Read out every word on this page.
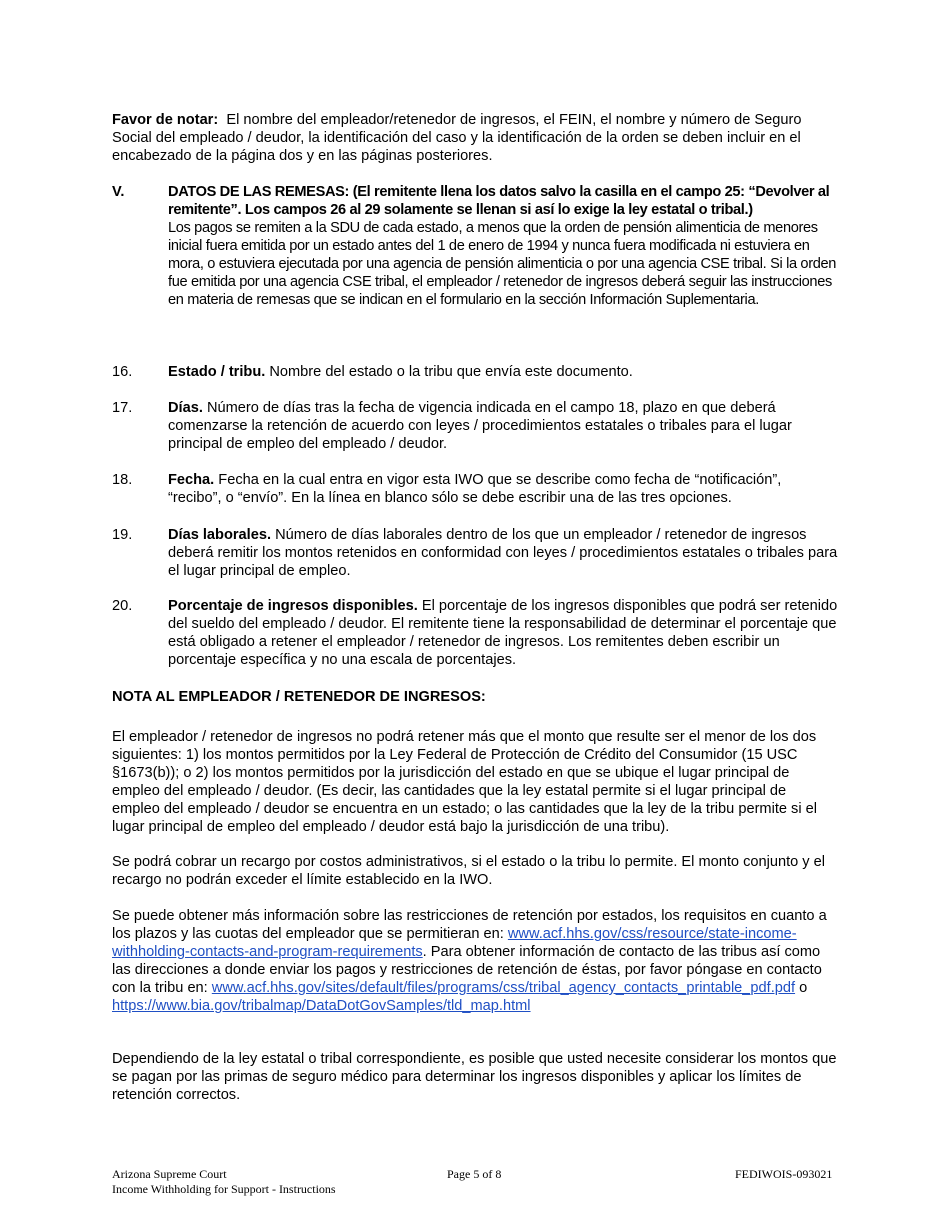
Favor de notar: El nombre del empleador/retenedor de ingresos, el FEIN, el nombre y número de Seguro Social del empleado / deudor, la identificación del caso y la identificación de la orden se deben incluir en el encabezado de la página dos y en las páginas posteriores.

V.	DATOS DE LAS REMESAS: (El remitente llena los datos salvo la casilla en el campo 25: “Devolver al remitente”. Los campos 26 al 29 solamente se llenan si así lo exige la ley estatal o tribal.)

Los pagos se remiten a la SDU de cada estado, a menos que la orden de pensión alimenticia de menores inicial fuera emitida por un estado antes del 1 de enero de 1994 y nunca fuera modificada ni estuviera en mora, o estuviera ejecutada por una agencia de pensión alimenticia o por una agencia CSE tribal. Si la orden fue emitida por una agencia CSE tribal, el empleador / retenedor de ingresos deberá seguir las instrucciones en materia de remesas que se indican en el formulario en la sección Información Suplementaria.

16. Estado / tribu. Nombre del estado o la tribu que envía este documento.

17. Días. Número de días tras la fecha de vigencia indicada en el campo 18, plazo en que deberá comenzarse la retención de acuerdo con leyes / procedimientos estatales o tribales para el lugar principal de empleo del empleado / deudor.

18. Fecha. Fecha en la cual entra en vigor esta IWO que se describe como fecha de “notificación”, “recibo”, o “envío”. En la línea en blanco sólo se debe escribir una de las tres opciones.

19. Días laborales. Número de días laborales dentro de los que un empleador / retenedor de ingresos deberá remitir los montos retenidos en conformidad con leyes / procedimientos estatales o tribales para el lugar principal de empleo.

20. Porcentaje de ingresos disponibles. El porcentaje de los ingresos disponibles que podrá ser retenido del sueldo del empleado / deudor. El remitente tiene la responsabilidad de determinar el porcentaje que está obligado a retener el empleador / retenedor de ingresos. Los remitentes deben escribir un porcentaje específica y no una escala de porcentajes.

NOTA AL EMPLEADOR / RETENEDOR DE INGRESOS:

El empleador / retenedor de ingresos no podrá retener más que el monto que resulte ser el menor de los dos siguientes: 1) los montos permitidos por la Ley Federal de Protección de Crédito del Consumidor (15 USC §1673(b)); o 2) los montos permitidos por la jurisdicción del estado en que se ubique el lugar principal de empleo del empleado / deudor. (Es decir, las cantidades que la ley estatal permite si el lugar principal de empleo del empleado / deudor se encuentra en un estado; o las cantidades que la ley de la tribu permite si el lugar principal de empleo del empleado / deudor está bajo la jurisdicción de una tribu).

Se podrá cobrar un recargo por costos administrativos, si el estado o la tribu lo permite. El monto conjunto y el recargo no podrán exceder el límite establecido en la IWO.

Se puede obtener más información sobre las restricciones de retención por estados, los requisitos en cuanto a los plazos y las cuotas del empleador que se permitieran en: www.acf.hhs.gov/css/resource/state-income-withholding-contacts-and-program-requirements. Para obtener información de contacto de las tribus así como las direcciones a donde enviar los pagos y restricciones de retención de éstas, por favor póngase en contacto con la tribu en: www.acf.hhs.gov/sites/default/files/programs/css/tribal_agency_contacts_printable_pdf.pdf o https://www.bia.gov/tribalmap/DataDotGovSamples/tld_map.html

Dependiendo de la ley estatal o tribal correspondiente, es posible que usted necesite considerar los montos que se pagan por las primas de seguro médico para determinar los ingresos disponibles y aplicar los límites de retención correctos.

Arizona Supreme Court
Income Withholding for Support - Instructions
Page 5 of 8	FEDIWOIS-093021
